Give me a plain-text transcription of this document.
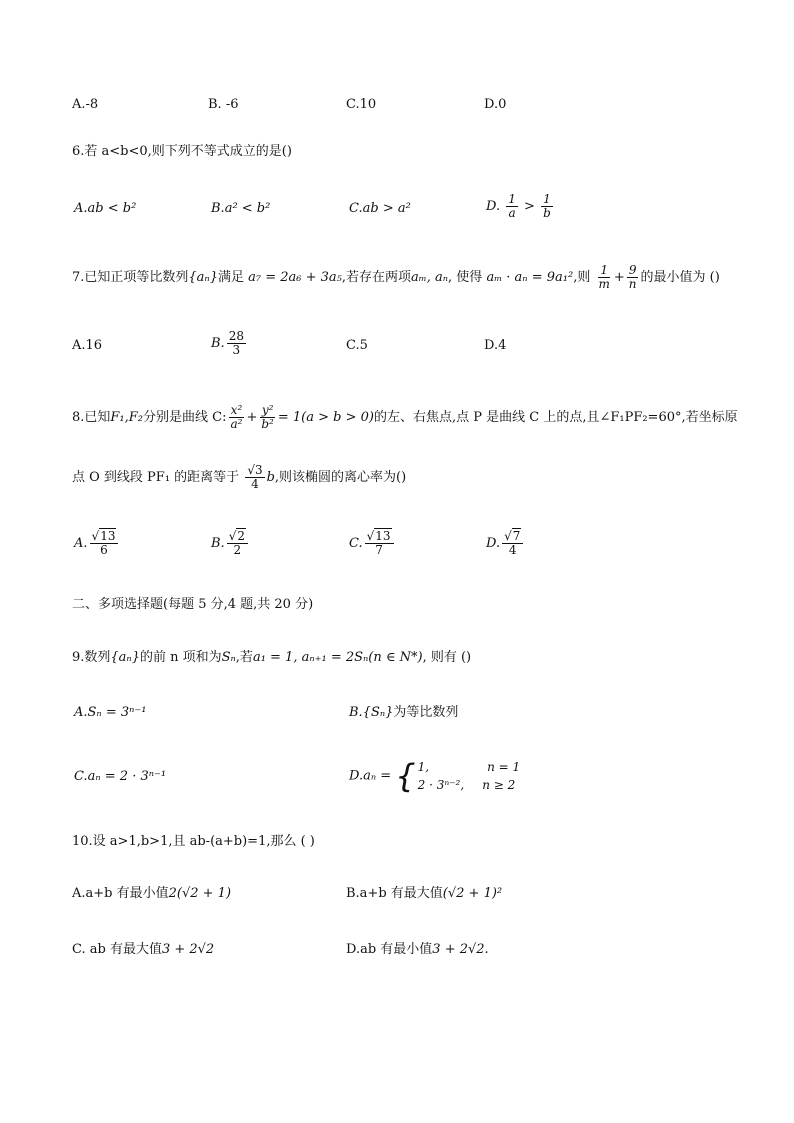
A.-8	B. -6	C.10	D.0
6.若 a<b<0,则下列不等式成立的是()
A.ab < b²	B.a² < b²	C.ab > a²	D. $\frac{1}{a} > \frac{1}{b}$
7.已知正项等比数列{aₙ}满足 a₇ = 2a₆ + 3a₅,若存在两项aₘ, aₙ, 使得 aₘ · aₙ = 9a₁²,则 $\frac{1}{m} + \frac{9}{n}$ 的最小值为 ()
A.16	B. $\frac{28}{3}$	C.5	D.4
8.已知F₁,F₂分别是曲线 C: $\frac{\text{x²}}{\text{a²}} + \frac{\text{y²}}{\text{b²}} = 1(a > b > 0)$的左、右焦点,点 P 是曲线 C 上的点,且∠F₁PF₂=60°,若坐标原
点 O 到线段 PF₁ 的距离等于 $\frac{√3}{4} b$,则该椭圆的离心率为()
A. $\frac{√13}{6}$	B. $\frac{√2}{2}$	C. $\frac{√13}{7}$	D. $\frac{√7}{4}$
二、多项选择题(每题 5 分,4 题,共 20 分)
9.数列{aₙ}的前 n 项和为Sₙ,若a₁ = 1, aₙ₊₁ = 2Sₙ(n ∈ N*), 则有 ()
A.Sₙ = 3ⁿ⁻¹	B.{Sₙ}为等比数列
C.aₙ = 2 · 3ⁿ⁻¹	D.aₙ = { 1,	n = 1
2 · 3ⁿ⁻², n ≥ 2
10.设 a>1,b>1,且 ab-(a+b)=1,那么 ( )
A.a+b 有最小值2(√2 + 1)	B.a+b 有最大值(√2 + 1)²
C. ab 有最大值3 + 2√2	D.ab 有最小值3 + 2√2.
